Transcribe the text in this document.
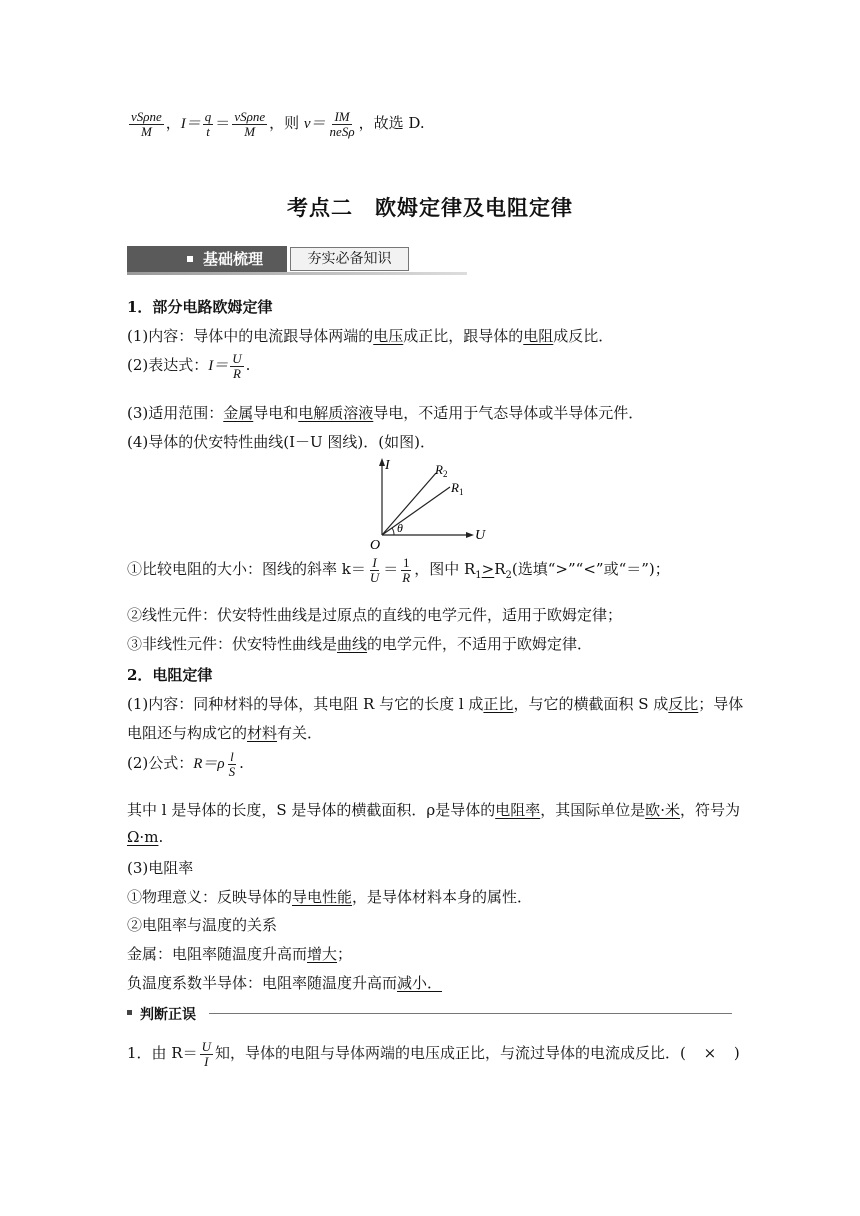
$\frac{\text{vSρne}}{M}$ ，$I= \frac{q}{t} = \frac{\text{vSρne}}{M}$ ，则 $v= \frac{IM}{\text{neSρ}}$ ，故选 D.
考点二　欧姆定律及电阻定律
基础梳理	夯实必备知识
1．部分电路欧姆定律
(1)内容：导体中的电流跟导体两端的电压成正比，跟导体的电阻成反比．
(2)表达式：$I= \frac{U}{R}$ .
(3)适用范围：金属导电和电解质溶液导电，不适用于气态导体或半导体元件．
(4)导体的伏安特性曲线(I－U 图线)．(如图)．
I
U
O
θ
$R_2$
$R_1$
①比较电阻的大小：图线的斜率 $k= \frac{I}{U} = \frac{1}{R}$ ，图中 $R_1>R_2$(选填“>”“<”或“＝”)；
②线性元件：伏安特性曲线是过原点的直线的电学元件，适用于欧姆定律；
③非线性元件：伏安特性曲线是曲线的电学元件，不适用于欧姆定律．
2．电阻定律
(1)内容：同种材料的导体，其电阻 R 与它的长度 l 成正比，与它的横截面积 S 成反比；导体
电阻还与构成它的材料有关．
(2)公式：$R=\rho \frac{l}{S}$ .
其中 l 是导体的长度，S 是导体的横截面积．ρ是导体的电阻率，其国际单位是欧·米，符号为
Ω·m.
(3)电阻率
①物理意义：反映导体的导电性能，是导体材料本身的属性．
②电阻率与温度的关系
金属：电阻率随温度升高而增大；
负温度系数半导体：电阻率随温度升高而减小．
判断正误
1．由 $R= \frac{U}{I}$ 知，导体的电阻与导体两端的电压成正比，与流过导体的电流成反比．( × )
